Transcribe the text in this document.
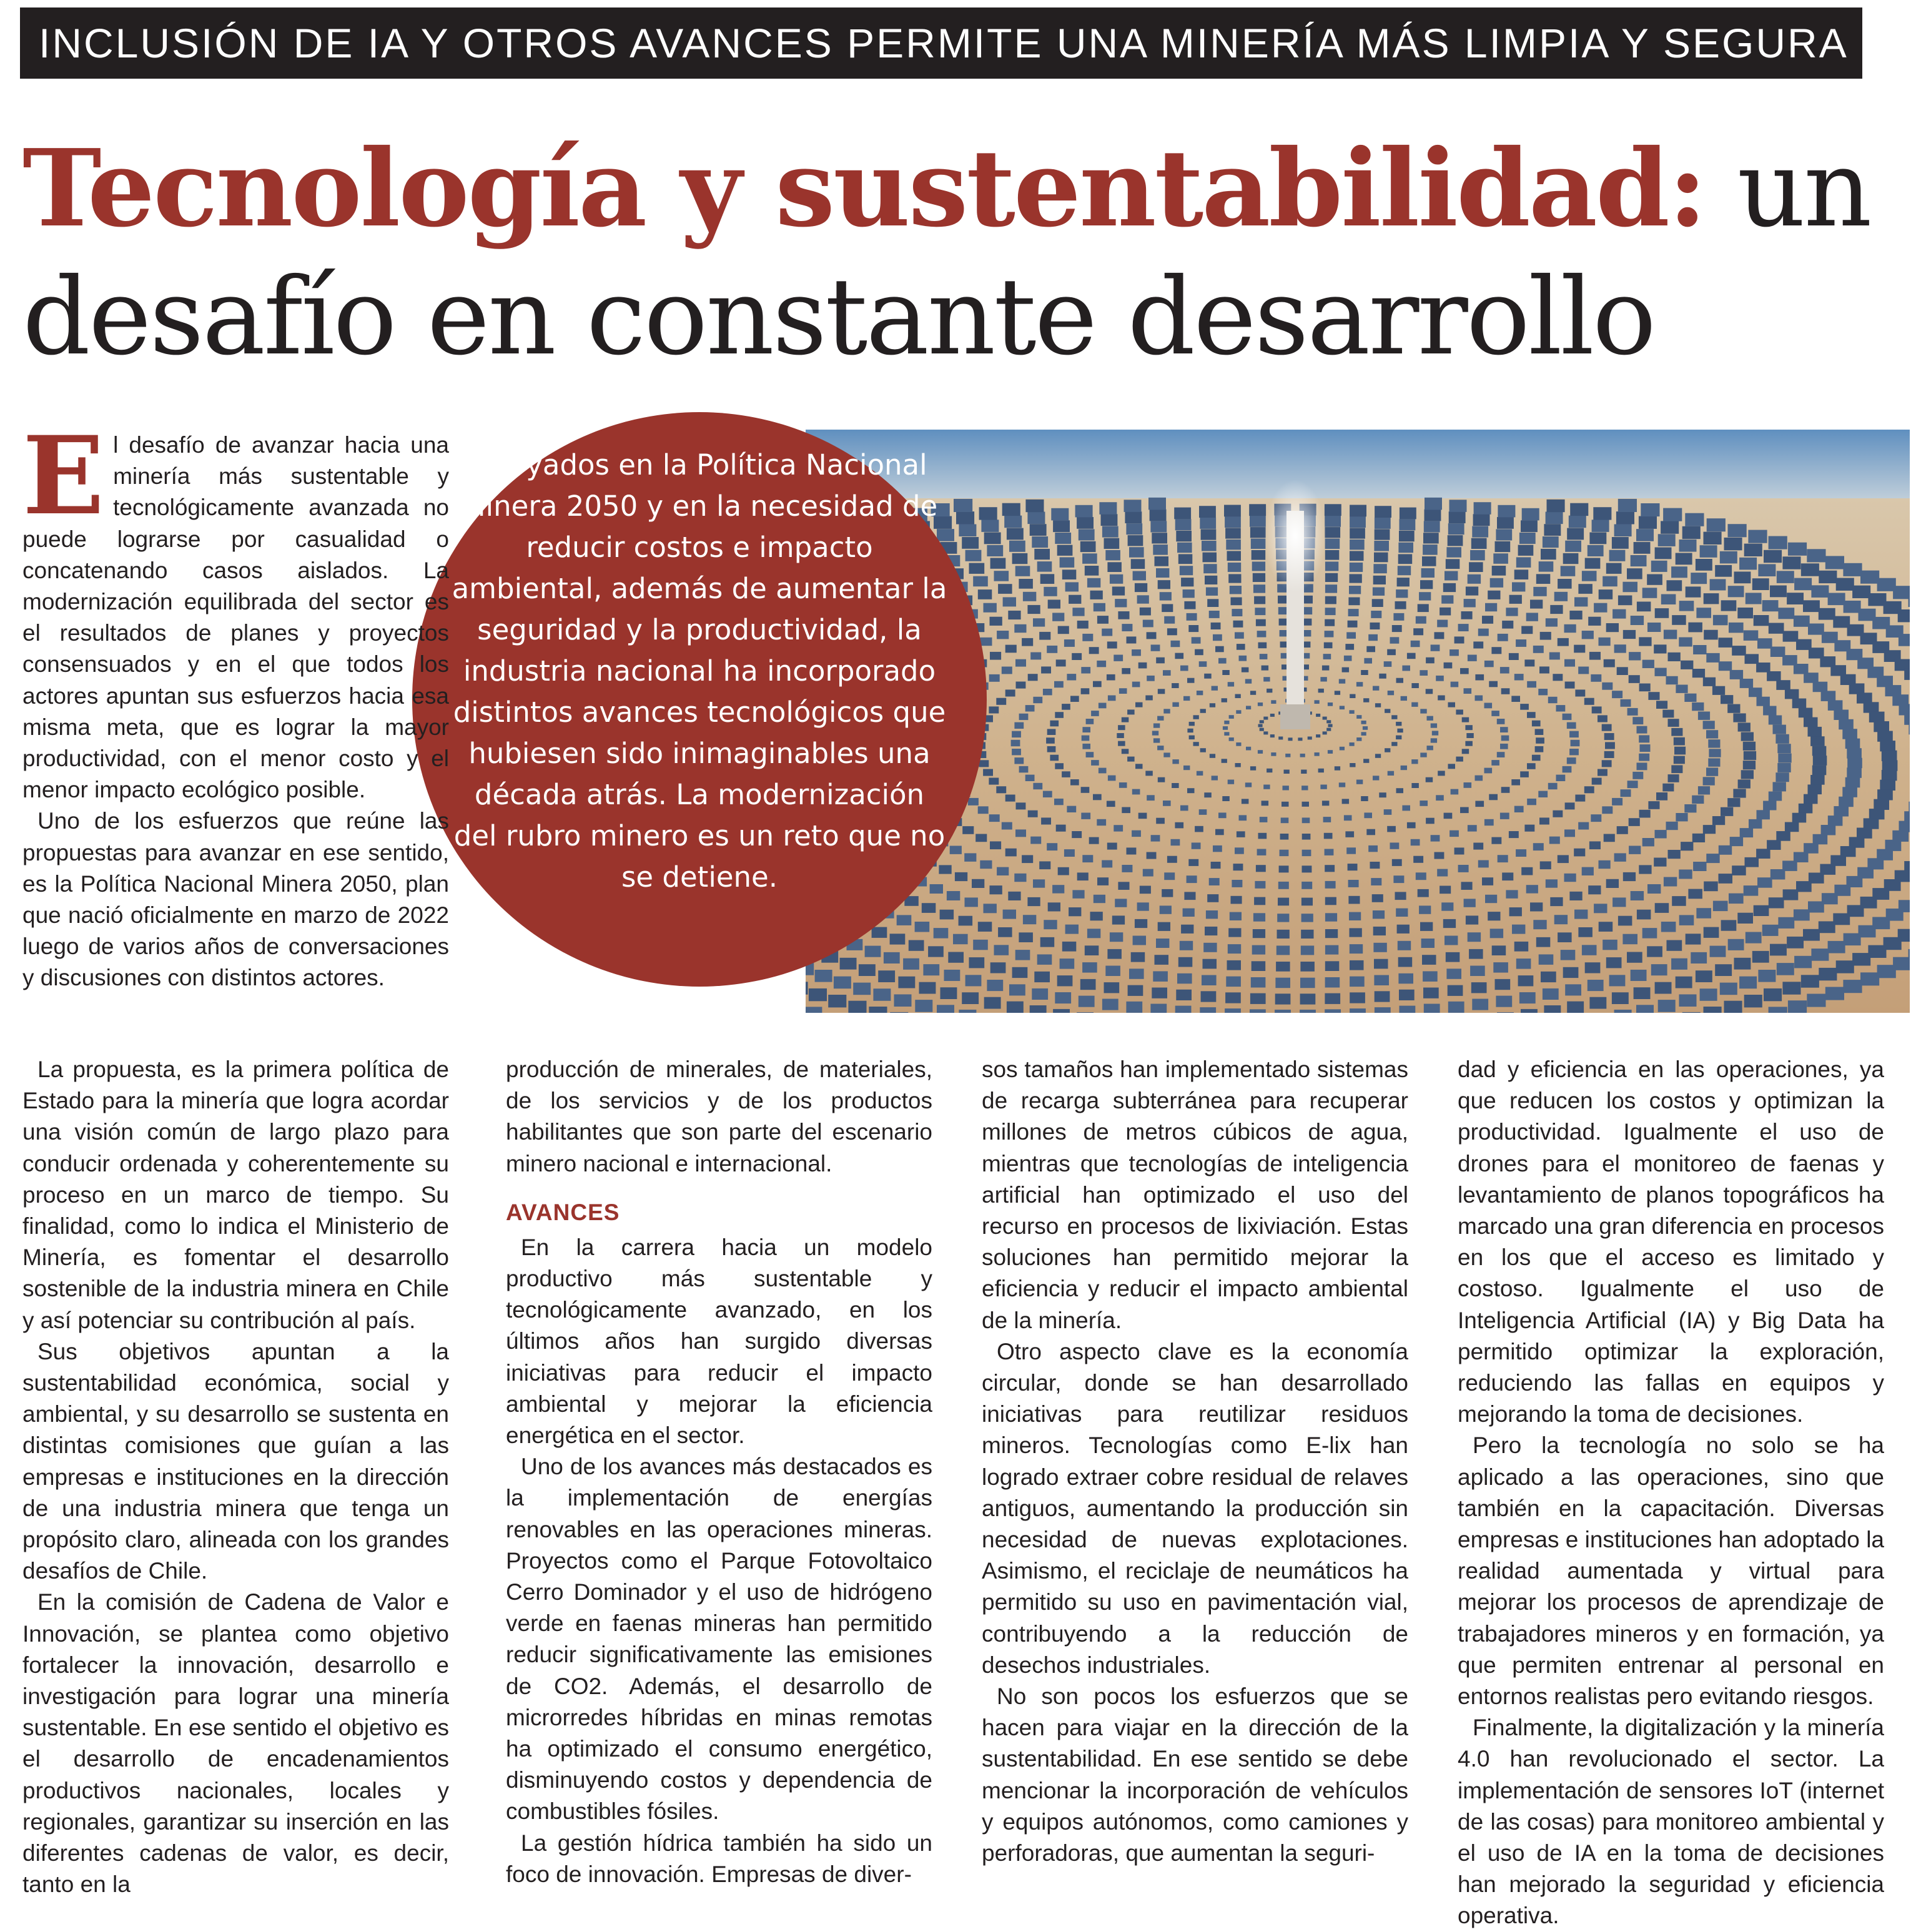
INCLUSIÓN DE IA Y OTROS AVANCES PERMITE UNA MINERÍA MÁS LIMPIA Y SEGURA
Tecnología y sustentabilidad: un
desafío en constante desarrollo

Apoyados en la Política Nacional Minera 2050 y en la necesidad de reducir costos e impacto ambiental, además de aumentar la seguridad y la productividad, la industria nacional ha incorporado distintos avances tecnológicos que hubiesen sido inimaginables una década atrás. La modernización del rubro minero es un reto que no se detiene.

El desafío de avanzar hacia una minería más sustentable y tecnológicamente avanzada no puede lograrse por casualidad o concatenando casos aislados. La modernización equilibrada del sector es el resultados de planes y proyectos consensuados y en el que todos los actores apuntan sus esfuerzos hacia esa misma meta, que es lograr la mayor productividad, con el menor costo y el menor impacto ecológico posible.

Uno de los esfuerzos que reúne las propuestas para avanzar en ese sentido, es la Política Nacional Minera 2050, plan que nació oficialmente en marzo de 2022 luego de varios años de conversaciones y discusiones con distintos actores.

La propuesta, es la primera política de Estado para la minería que logra acordar una visión común de largo plazo para conducir ordenada y coherentemente su proceso en un marco de tiempo. Su finalidad, como lo indica el Ministerio de Minería, es fomentar el desarrollo sostenible de la industria minera en Chile y así potenciar su contribución al país.

Sus objetivos apuntan a la sustentabilidad económica, social y ambiental, y su desarrollo se sustenta en distintas comisiones que guían a las empresas e instituciones en la dirección de una industria minera que tenga un propósito claro, alineada con los grandes desafíos de Chile.

En la comisión de Cadena de Valor e Innovación, se plantea como objetivo fortalecer la innovación, desarrollo e investigación para lograr una minería sustentable. En ese sentido el objetivo es el desarrollo de encadenamientos productivos nacionales, locales y regionales, garantizar su inserción en las diferentes cadenas de valor, es decir, tanto en la

producción de minerales, de materiales, de los servicios y de los productos habilitantes que son parte del escenario minero nacional e internacional.

AVANCES

En la carrera hacia un modelo productivo más sustentable y tecnológicamente avanzado, en los últimos años han surgido diversas iniciativas para reducir el impacto ambiental y mejorar la eficiencia energética en el sector.

Uno de los avances más destacados es la implementación de energías renovables en las operaciones mineras. Proyectos como el Parque Fotovoltaico Cerro Dominador y el uso de hidrógeno verde en faenas mineras han permitido reducir significativamente las emisiones de CO2. Además, el desarrollo de microrredes híbridas en minas remotas ha optimizado el consumo energético, disminuyendo costos y dependencia de combustibles fósiles.

La gestión hídrica también ha sido un foco de innovación. Empresas de diver-

sos tamaños han implementado sistemas de recarga subterránea para recuperar millones de metros cúbicos de agua, mientras que tecnologías de inteligencia artificial han optimizado el uso del recurso en procesos de lixiviación. Estas soluciones han permitido mejorar la eficiencia y reducir el impacto ambiental de la minería.

Otro aspecto clave es la economía circular, donde se han desarrollado iniciativas para reutilizar residuos mineros. Tecnologías como E-lix han logrado extraer cobre residual de relaves antiguos, aumentando la producción sin necesidad de nuevas explotaciones. Asimismo, el reciclaje de neumáticos ha permitido su uso en pavimentación vial, contribuyendo a la reducción de desechos industriales.

No son pocos los esfuerzos que se hacen para viajar en la dirección de la sustentabilidad. En ese sentido se debe mencionar la incorporación de vehículos y equipos autónomos, como camiones y perforadoras, que aumentan la seguri-

dad y eficiencia en las operaciones, ya que reducen los costos y optimizan la productividad. Igualmente el uso de drones para el monitoreo de faenas y levantamiento de planos topográficos ha marcado una gran diferencia en procesos en los que el acceso es limitado y costoso. Igualmente el uso de Inteligencia Artificial (IA) y Big Data ha permitido optimizar la exploración, reduciendo las fallas en equipos y mejorando la toma de decisiones.

Pero la tecnología no solo se ha aplicado a las operaciones, sino que también en la capacitación. Diversas empresas e instituciones han adoptado la realidad aumentada y virtual para mejorar los procesos de aprendizaje de trabajadores mineros y en formación, ya que permiten entrenar al personal en entornos realistas pero evitando riesgos.

Finalmente, la digitalización y la minería 4.0 han revolucionado el sector. La implementación de sensores IoT (internet de las cosas) para monitoreo ambiental y el uso de IA en la toma de decisiones han mejorado la seguridad y eficiencia operativa.
